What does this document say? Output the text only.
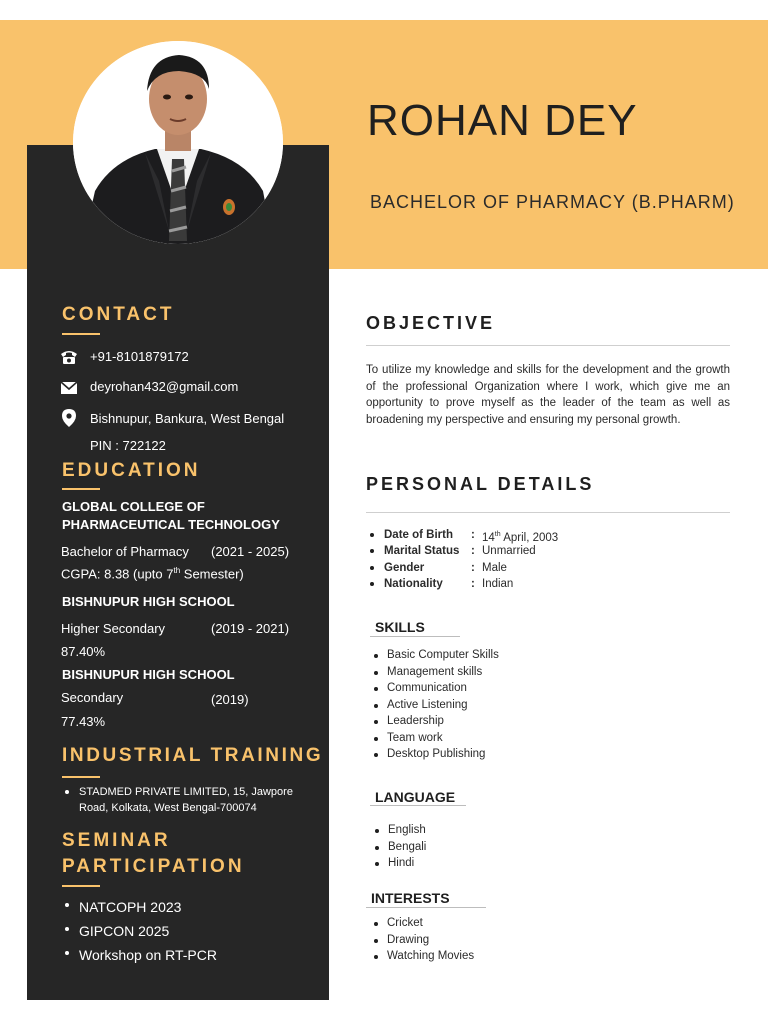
ROHAN DEY
BACHELOR OF PHARMACY (B.PHARM)
CONTACT
+91-8101879172
deyrohan432@gmail.com
Bishnupur, Bankura, West Bengal
PIN : 722122
EDUCATION
GLOBAL COLLEGE OF
PHARMACEUTICAL TECHNOLOGY
Bachelor of Pharmacy (2021 - 2025)
CGPA: 8.38 (upto 7th Semester)
BISHNUPUR HIGH SCHOOL
Higher Secondary	(2019 - 2021)
87.40%
BISHNUPUR HIGH SCHOOL
Secondary	(2019)
77.43%
INDUSTRIAL TRAINING
STADMED PRIVATE LIMITED, 15, Jawpore Road, Kolkata, West Bengal-700074
SEMINAR
PARTICIPATION
NATCOPH 2023
GIPCON 2025
Workshop on RT-PCR
OBJECTIVE
To utilize my knowledge and skills for the development and the growth of the professional Organization where I work, which give me an opportunity to prove myself as the leader of the team as well as broadening my perspective and ensuring my personal growth.
PERSONAL DETAILS
Date of Birth	: 14th April, 2003
Marital Status	: Unmarried
Gender	: Male
Nationality	: Indian
SKILLS
Basic Computer Skills
Management skills
Communication
Active Listening
Leadership
Team work
Desktop Publishing
LANGUAGE
English
Bengali
Hindi
INTERESTS
Cricket
Drawing
Watching Movies
